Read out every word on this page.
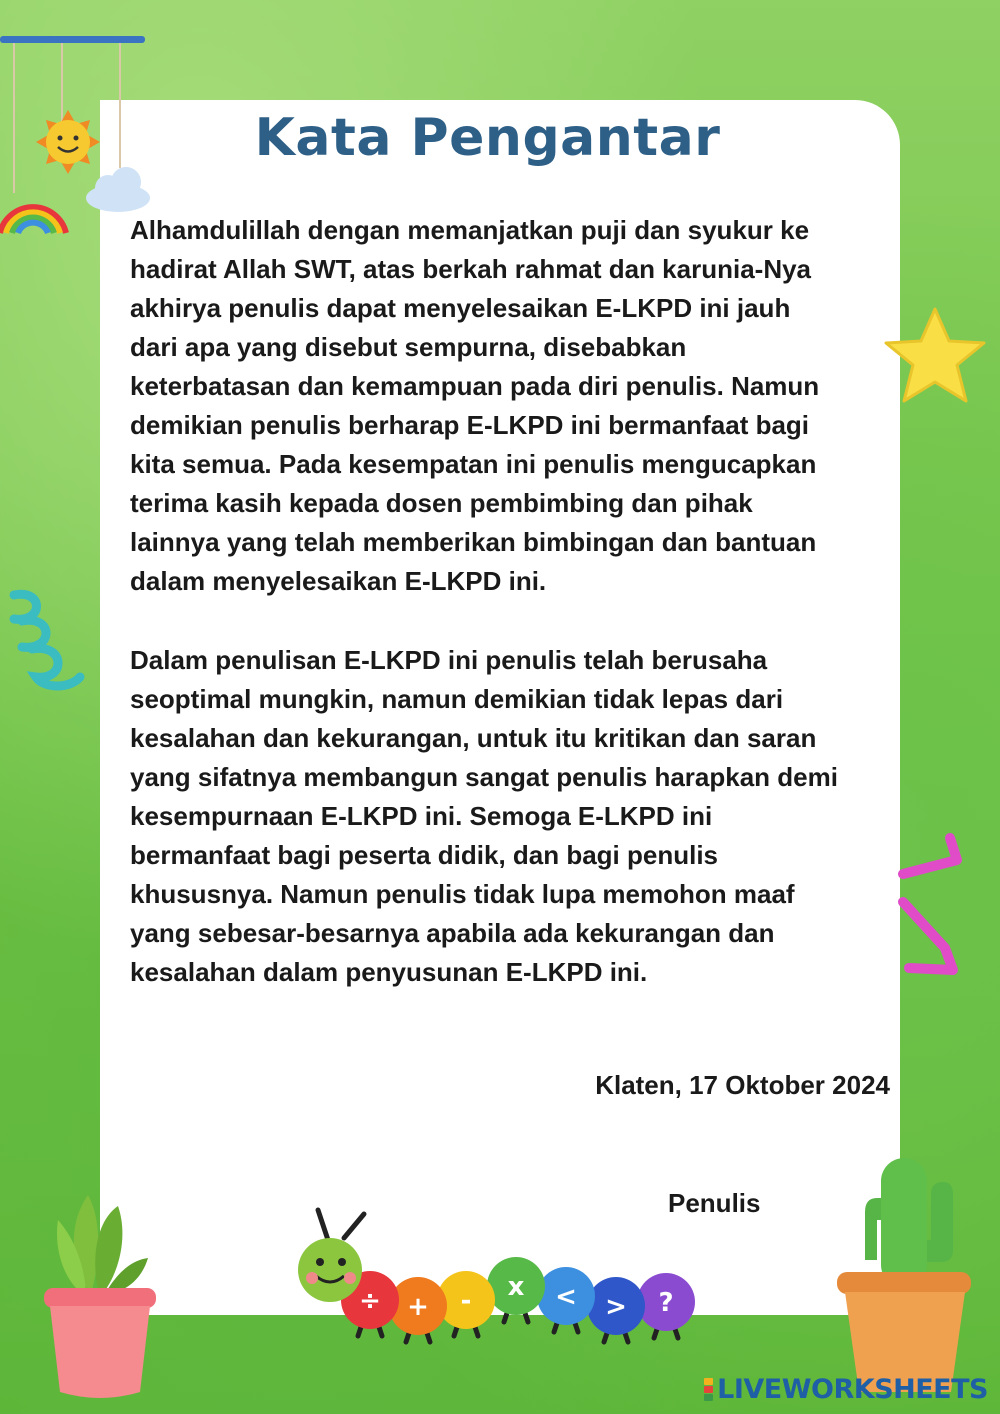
Kata Pengantar

Alhamdulillah dengan memanjatkan puji dan syukur ke
hadirat Allah SWT, atas berkah rahmat dan karunia-Nya
akhirya penulis dapat menyelesaikan E-LKPD ini jauh
dari apa yang disebut sempurna, disebabkan
keterbatasan dan kemampuan pada diri penulis. Namun
demikian penulis berharap E-LKPD ini bermanfaat bagi
kita semua. Pada kesempatan ini penulis mengucapkan
terima kasih kepada dosen pembimbing dan pihak
lainnya yang telah memberikan bimbingan dan bantuan
dalam menyelesaikan E-LKPD ini.

Dalam penulisan E-LKPD ini penulis telah berusaha
seoptimal mungkin, namun demikian tidak lepas dari
kesalahan dan kekurangan, untuk itu kritikan dan saran
yang sifatnya membangun sangat penulis harapkan demi
kesempurnaan E-LKPD ini. Semoga E-LKPD ini
bermanfaat bagi peserta didik, dan bagi penulis
khususnya. Namun penulis tidak lupa memohon maaf
yang sebesar-besarnya apabila ada kekurangan dan
kesalahan dalam penyusunan E-LKPD ini.

Klaten, 17 Oktober 2024
Penulis
?
>
<
x
-
+
÷
LIVEWORKSHEETS
